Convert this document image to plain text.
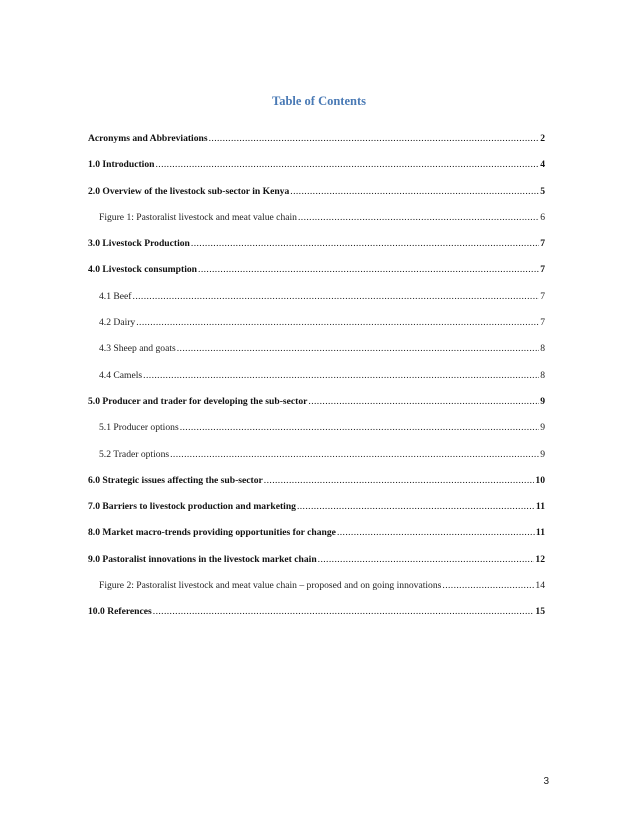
Table of Contents
Acronyms and Abbreviations .....	2
1.0 Introduction .....	4
2.0 Overview of the livestock sub-sector in Kenya .....	5
Figure 1: Pastoralist livestock and meat value chain .....	6
3.0 Livestock Production .....	7
4.0 Livestock consumption .....	7
4.1 Beef .....	7
4.2 Dairy .....	7
4.3 Sheep and goats .....	8
4.4 Camels .....	8
5.0 Producer and trader for developing the sub-sector .....	9
5.1 Producer options .....	9
5.2 Trader options .....	9
6.0 Strategic issues affecting the sub-sector .....	10
7.0 Barriers to livestock production and marketing .....	11
8.0 Market macro-trends providing opportunities for change .....	11
9.0 Pastoralist innovations in the livestock market chain .....	12
Figure 2: Pastoralist livestock and meat value chain – proposed and on going innovations .....	14
10.0 References .....	15
3
